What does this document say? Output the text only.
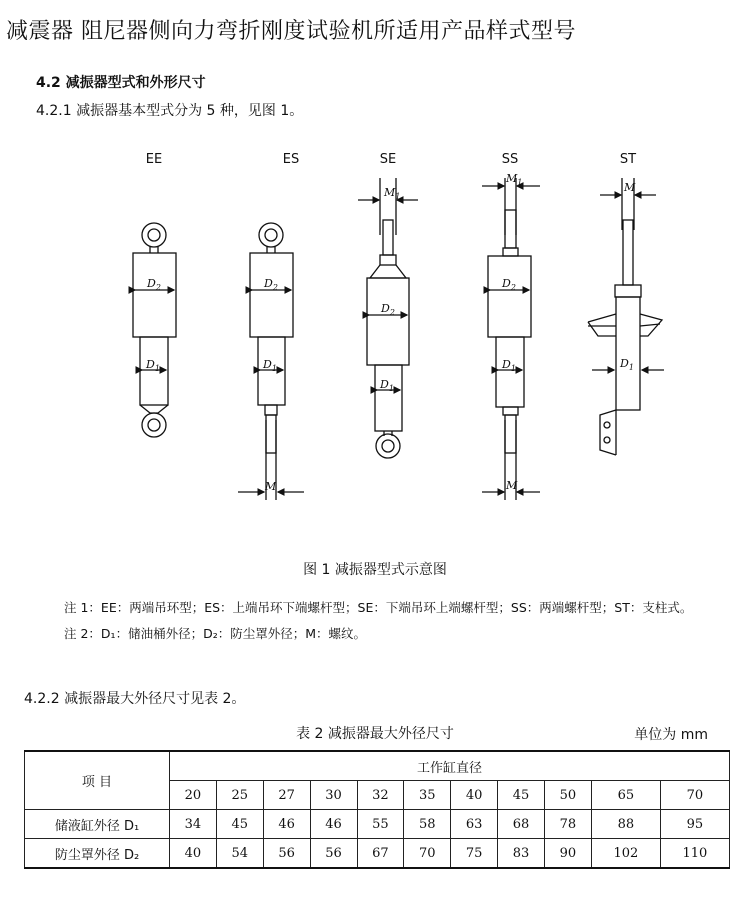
减震器 阻尼器侧向力弯折刚度试验机所适用产品样式型号
4.2 减振器型式和外形尺寸
4.2.1 减振器基本型式分为 5 种，见图 1。
EE
$D_2$
$D_1$
ES
$D_2$
$D_1$
M
SE
$M_1$
$D_2$
$D_1$
SS
$M_1$
$D_2$
$D_1$
M
ST
M
$D_1$
图 1 减振器型式示意图
注 1：EE：两端吊环型；ES：上端吊环下端螺杆型；SE：下端吊环上端螺杆型；SS：两端螺杆型；ST：支柱式。
注 2：D₁：储油桶外径；D₂：防尘罩外径；M：螺纹。
4.2.2 减振器最大外径尺寸见表 2。
表 2 减振器最大外径尺寸	单位为 mm
项 目	工作缸直径										
	20	25	27	30	32	35	40	45	50	65	70
储液缸外径 D₁	34	45	46	46	55	58	63	68	78	88	95
防尘罩外径 D₂	40	54	56	56	67	70	75	83	90	102	110
